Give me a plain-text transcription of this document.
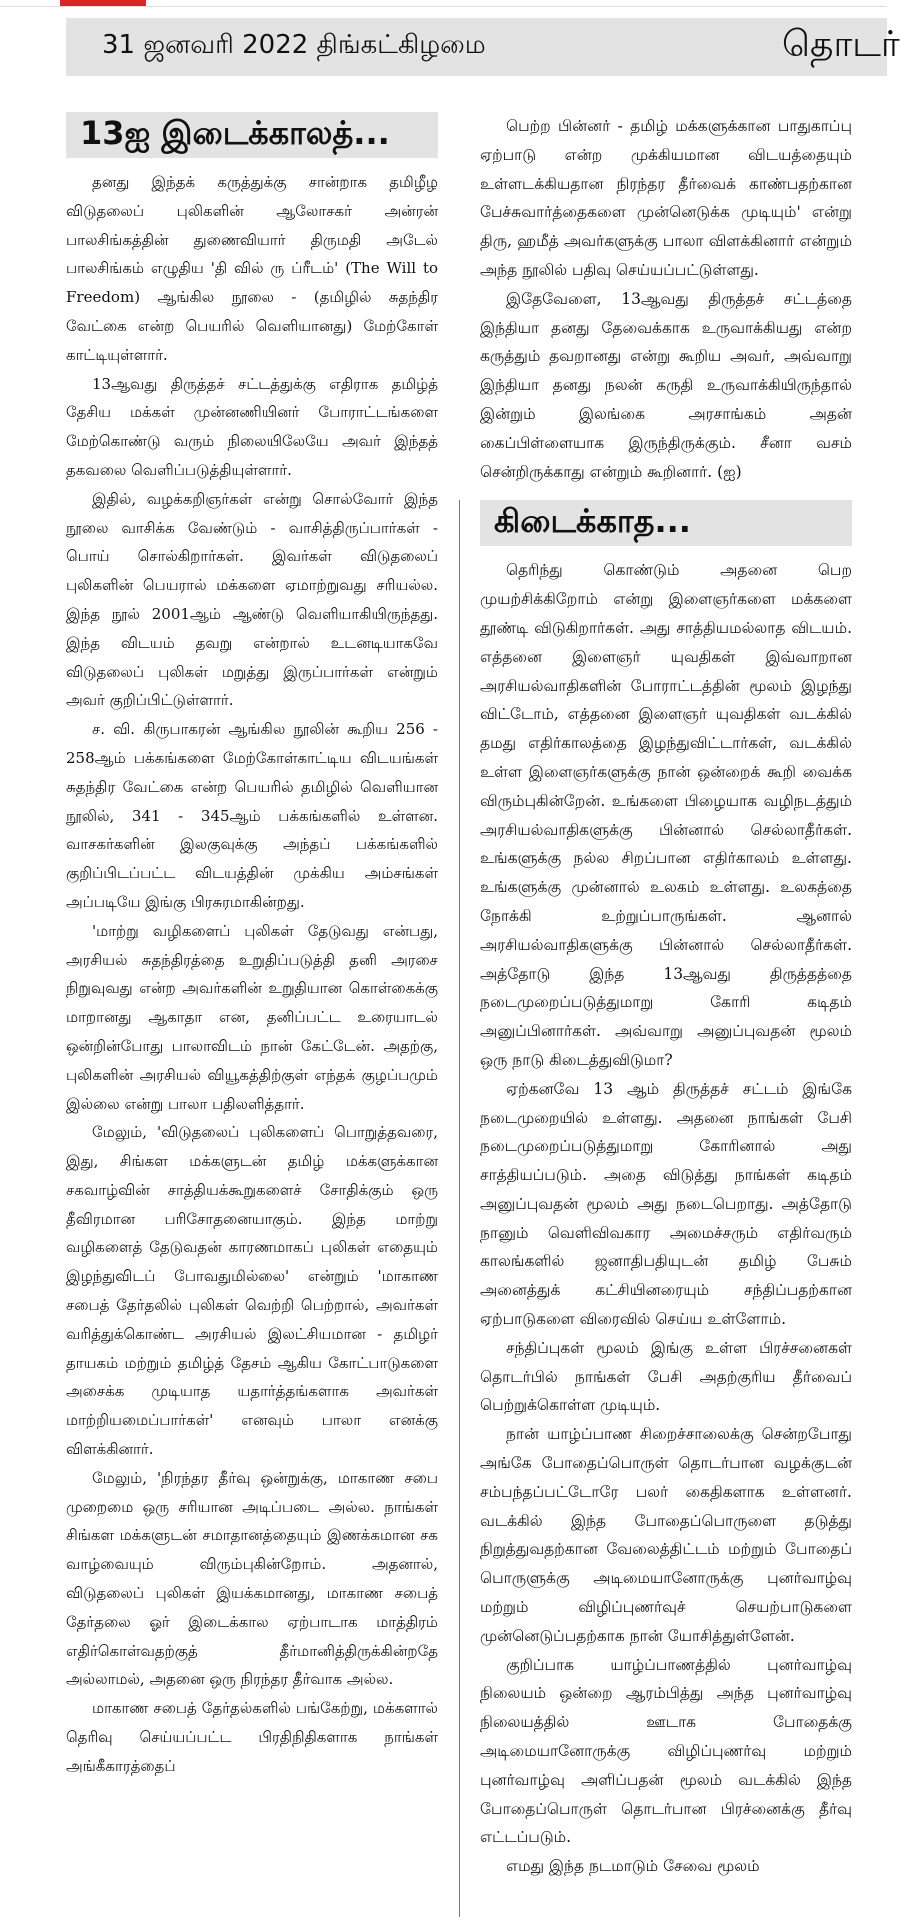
31 ஜனவரி 2022 திங்கட்கிழமை	தொடர்
13ஐ இடைக்காலத்...

தனது இந்தக் கருத்துக்கு சான்றாக தமிழீழ விடுதலைப் புலிகளின் ஆலோசகர் அன்ரன் பாலசிங்கத்தின் துணைவியார் திருமதி அடேல் பாலசிங்கம் எழுதிய 'தி வில் ரு ப்ரீடம்' (The Will to Freedom) ஆங்கில நூலை - (தமிழில் சுதந்திர வேட்கை என்ற பெயரில் வெளியானது) மேற்கோள் காட்டியுள்ளார்.

13ஆவது திருத்தச் சட்டத்துக்கு எதிராக தமிழ்த் தேசிய மக்கள் முன்னணியினர் போராட்டங்களை மேற்கொண்டு வரும் நிலையிலேயே அவர் இந்தத் தகவலை வெளிப்படுத்தியுள்ளார்.

இதில், வழக்கறிஞர்கள் என்று சொல்வோர் இந்த நூலை வாசிக்க வேண்டும் - வாசித்திருப்பார்கள் - பொய் சொல்கிறார்கள். இவர்கள் விடுதலைப் புலிகளின் பெயரால் மக்களை ஏமாற்றுவது சரியல்ல. இந்த நூல் 2001ஆம் ஆண்டு வெளியாகியிருந்தது. இந்த விடயம் தவறு என்றால் உடனடியாகவே விடுதலைப் புலிகள் மறுத்து இருப்பார்கள் என்றும் அவர் குறிப்பிட்டுள்ளார்.

ச. வி. கிருபாகரன் ஆங்கில நூலின் கூறிய 256 - 258ஆம் பக்கங்களை மேற்கோள்காட்டிய விடயங்கள் சுதந்திர வேட்கை என்ற பெயரில் தமிழில் வெளியான நூலில், 341 - 345ஆம் பக்கங்களில் உள்ளன. வாசகர்களின் இலகுவுக்கு அந்தப் பக்கங்களில் குறிப்பிடப்பட்ட விடயத்தின் முக்கிய அம்சங்கள் அப்படியே இங்கு பிரசுரமாகின்றது.

'மாற்று வழிகளைப் புலிகள் தேடுவது என்பது, அரசியல் சுதந்திரத்தை உறுதிப்படுத்தி தனி அரசை நிறுவுவது என்ற அவர்களின் உறுதியான கொள்கைக்கு மாறானது ஆகாதா என, தனிப்பட்ட உரையாடல் ஒன்றின்போது பாலாவிடம் நான் கேட்டேன். அதற்கு, புலிகளின் அரசியல் வியூகத்திற்குள் எந்தக் குழப்பமும் இல்லை என்று பாலா பதிலளித்தார்.

மேலும், 'விடுதலைப் புலிகளைப் பொறுத்தவரை, இது, சிங்கள மக்களுடன் தமிழ் மக்களுக்கான சகவாழ்வின் சாத்தியக்கூறுகளைச் சோதிக்கும் ஒரு தீவிரமான பரிசோதனையாகும். இந்த மாற்று வழிகளைத் தேடுவதன் காரணமாகப் புலிகள் எதையும் இழந்துவிடப் போவதுமில்லை' என்றும் 'மாகாண சபைத் தேர்தலில் புலிகள் வெற்றி பெற்றால், அவர்கள் வரித்துக்கொண்ட அரசியல் இலட்சியமான - தமிழர் தாயகம் மற்றும் தமிழ்த் தேசம் ஆகிய கோட்பாடுகளை அசைக்க முடியாத யதார்த்தங்களாக அவர்கள் மாற்றியமைப்பார்கள்' எனவும் பாலா எனக்கு விளக்கினார்.

மேலும், 'நிரந்தர தீர்வு ஒன்றுக்கு, மாகாண சபை முறைமை ஒரு சரியான அடிப்படை அல்ல. நாங்கள் சிங்கள மக்களுடன் சமாதானத்தையும் இணக்கமான சக வாழ்வையும் விரும்புகின்றோம். அதனால், விடுதலைப் புலிகள் இயக்கமானது, மாகாண சபைத் தேர்தலை ஓர் இடைக்கால ஏற்பாடாக மாத்திரம் எதிர்கொள்வதற்குத் தீர்மானித்திருக்கின்றதே அல்லாமல், அதனை ஒரு நிரந்தர தீர்வாக அல்ல.

மாகாண சபைத் தேர்தல்களில் பங்கேற்று, மக்களால் தெரிவு செய்யப்பட்ட பிரதிநிதிகளாக நாங்கள் அங்கீகாரத்தைப்

பெற்ற பின்னர் - தமிழ் மக்களுக்கான பாதுகாப்பு ஏற்பாடு என்ற முக்கியமான விடயத்தையும் உள்ளடக்கியதான நிரந்தர தீர்வைக் காண்பதற்கான பேச்சுவார்த்தைகளை முன்னெடுக்க முடியும்' என்று திரு, ஹமீத் அவர்களுக்கு பாலா விளக்கினார் என்றும் அந்த நூலில் பதிவு செய்யப்பட்டுள்ளது.

இதேவேளை, 13ஆவது திருத்தச் சட்டத்தை இந்தியா தனது தேவைக்காக உருவாக்கியது என்ற கருத்தும் தவறானது என்று கூறிய அவர், அவ்வாறு இந்தியா தனது நலன் கருதி உருவாக்கியிருந்தால் இன்றும் இலங்கை அரசாங்கம் அதன் கைப்பிள்ளையாக இருந்திருக்கும். சீனா வசம் சென்றிருக்காது என்றும் கூறினார். (ஐ)

கிடைக்காத...

தெரிந்து கொண்டும் அதனை பெற முயற்சிக்கிறோம் என்று இளைஞர்களை மக்களை தூண்டி விடுகிறார்கள். அது சாத்தியமல்லாத விடயம். எத்தனை இளைஞர் யுவதிகள் இவ்வாறான அரசியல்வாதிகளின் போராட்டத்தின் மூலம் இழந்து விட்டோம், எத்தனை இளைஞர் யுவதிகள் வடக்கில் தமது எதிர்காலத்தை இழந்துவிட்டார்கள், வடக்கில் உள்ள இளைஞர்களுக்கு நான் ஒன்றைக் கூறி வைக்க விரும்புகின்றேன். உங்களை பிழையாக வழிநடத்தும் அரசியல்வாதிகளுக்கு பின்னால் செல்லாதீர்கள். உங்களுக்கு நல்ல சிறப்பான எதிர்காலம் உள்ளது. உங்களுக்கு முன்னால் உலகம் உள்ளது. உலகத்தை நோக்கி உற்றுப்பாருங்கள். ஆனால் அரசியல்வாதிகளுக்கு பின்னால் செல்லாதீர்கள். அத்தோடு இந்த 13ஆவது திருத்தத்தை நடைமுறைப்படுத்துமாறு கோரி கடிதம் அனுப்பினார்கள். அவ்வாறு அனுப்புவதன் மூலம் ஒரு நாடு கிடைத்துவிடுமா?

ஏற்கனவே 13 ஆம் திருத்தச் சட்டம் இங்கே நடைமுறையில் உள்ளது. அதனை நாங்கள் பேசி நடைமுறைப்படுத்துமாறு கோரினால் அது சாத்தியப்படும். அதை விடுத்து நாங்கள் கடிதம் அனுப்புவதன் மூலம் அது நடைபெறாது. அத்தோடு நானும் வெளிவிவகார அமைச்சரும் எதிர்வரும் காலங்களில் ஜனாதிபதியுடன் தமிழ் பேசும் அனைத்துக் கட்சியினரையும் சந்திப்பதற்கான ஏற்பாடுகளை விரைவில் செய்ய உள்ளோம்.

சந்திப்புகள் மூலம் இங்கு உள்ள பிரச்சனைகள் தொடர்பில் நாங்கள் பேசி அதற்குரிய தீர்வைப் பெற்றுக்கொள்ள முடியும்.

நான் யாழ்ப்பாண சிறைச்சாலைக்கு சென்றபோது அங்கே போதைப்பொருள் தொடர்பான வழக்குடன் சம்பந்தப்பட்டோரே பலர் கைதிகளாக உள்ளனர். வடக்கில் இந்த போதைப்பொருளை தடுத்து நிறுத்துவதற்கான வேலைத்திட்டம் மற்றும் போதைப் பொருளுக்கு அடிமையானோருக்கு புனர்வாழ்வு மற்றும் விழிப்புணர்வுச் செயற்பாடுகளை முன்னெடுப்பதற்காக நான் யோசித்துள்ளேன்.

குறிப்பாக யாழ்ப்பாணத்தில் புனர்வாழ்வு நிலையம் ஒன்றை ஆரம்பித்து அந்த புனர்வாழ்வு நிலையத்தில் ஊடாக போதைக்கு அடிமையானோருக்கு விழிப்புணர்வு மற்றும் புனர்வாழ்வு அளிப்பதன் மூலம் வடக்கில் இந்த போதைப்பொருள் தொடர்பான பிரச்னைக்கு தீர்வு எட்டப்படும்.

எமது இந்த நடமாடும் சேவை மூலம்
